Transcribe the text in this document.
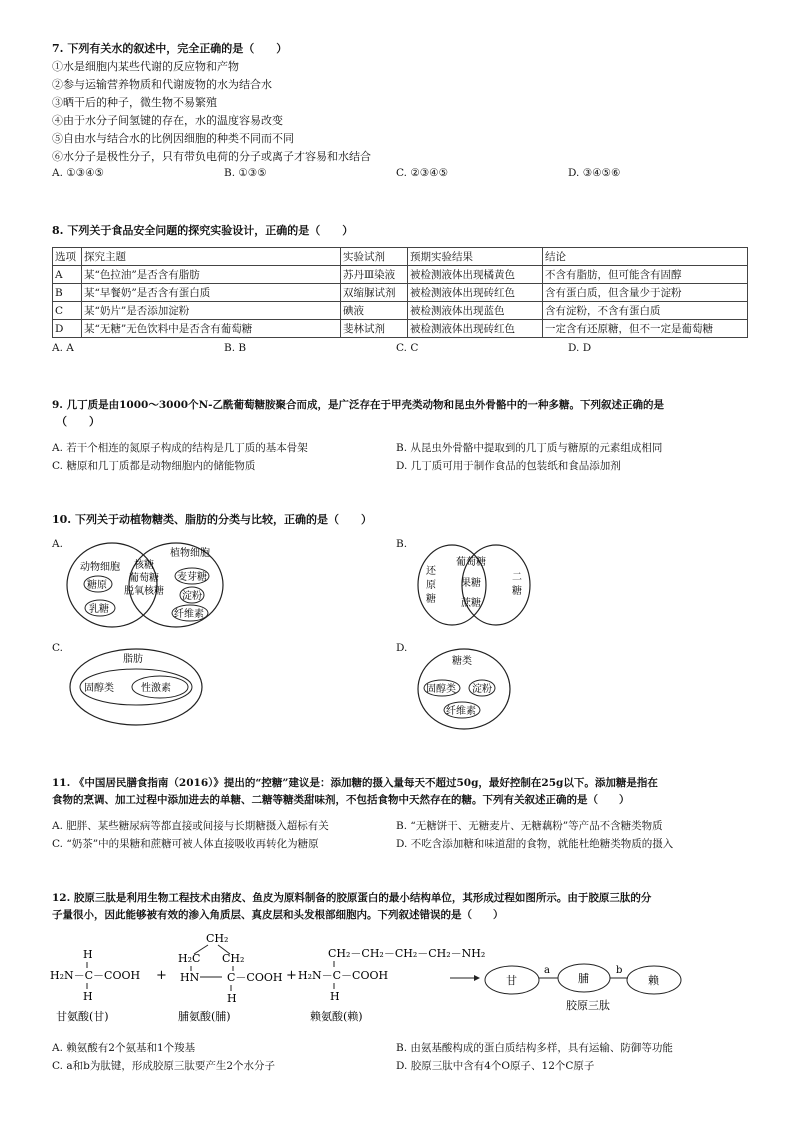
7. 下列有关水的叙述中，完全正确的是（　　）
①水是细胞内某些代谢的反应物和产物
②参与运输营养物质和代谢废物的水为结合水
③晒干后的种子，微生物不易繁殖
④由于水分子间氢键的存在，水的温度容易改变
⑤自由水与结合水的比例因细胞的种类不同而不同
⑥水分子是极性分子，只有带负电荷的分子或离子才容易和水结合
A. ①③④⑤	B. ①③⑤	C. ②③④⑤	D. ③④⑤⑥
8. 下列关于食品安全问题的探究实验设计，正确的是（　　）
选项	探究主题	实验试剂	预期实验结果	结论
A	某“色拉油”是否含有脂肪	苏丹Ⅲ染液	被检测液体出现橘黄色	不含有脂肪，但可能含有固醇
B	某“早餐奶”是否含有蛋白质	双缩脲试剂	被检测液体出现砖红色	含有蛋白质，但含量少于淀粉
C	某“奶片”是否添加淀粉	碘液	被检测液体出现蓝色	含有淀粉，不含有蛋白质
D	某“无糖”无色饮料中是否含有葡萄糖	斐林试剂	被检测液体出现砖红色	一定含有还原糖，但不一定是葡萄糖
A. A	B. B	C. C	D. D
9. 几丁质是由1000～3000个N-乙酰葡萄糖胺聚合而成，是广泛存在于甲壳类动物和昆虫外骨骼中的一种多糖。下列叙述正确的是
（　　）
A. 若干个相连的氮原子构成的结构是几丁质的基本骨架	B. 从昆虫外骨骼中提取到的几丁质与糖原的元素组成相同
C. 糖原和几丁质都是动物细胞内的储能物质	D. 几丁质可用于制作食品的包装纸和食品添加剂
10. 下列关于动植物糖类、脂肪的分类与比较，正确的是（　　）
A.	B.
C.	D.
动物细胞
植物细胞
核糖
葡萄糖
脱氧核糖
糖原
乳糖
麦芽糖
淀粉
纤维素
还
原
糖
二
糖
葡萄糖
果糖
蔗糖
脂肪
固醇类	性激素
糖类
固醇类 淀粉
纤维素
11. 《中国居民膳食指南（2016）》提出的“控糖”建议是：添加糖的摄入量每天不超过50g，最好控制在25g以下。添加糖是指在
食物的烹调、加工过程中添加进去的单糖、二糖等糖类甜味剂，不包括食物中天然存在的糖。下列有关叙述正确的是（　　）
A. 肥胖、某些糖尿病等都直接或间接与长期糖摄入超标有关	B. “无糖饼干、无糖麦片、无糖藕粉”等产品不含糖类物质
C. “奶茶”中的果糖和蔗糖可被人体直接吸收再转化为糖原	D. 不吃含添加糖和味道甜的食物，就能杜绝糖类物质的摄入
12. 胶原三肽是利用生物工程技术由猪皮、鱼皮为原料制备的胶原蛋白的最小结构单位，其形成过程如图所示。由于胶原三肽的分
子量很小，因此能够被有效的渗入角质层、真皮层和头发根部细胞内。下列叙述错误的是（　　）
H
H₂N－C－COOH
H
甘氨酸(甘)
+
CH₂
H₂C CH₂
HN	C－COOH
H
脯氨酸(脯)
+
CH₂－CH₂－CH₂－CH₂－NH₂
H₂N－C－COOH
H
赖氨酸(赖)
甘
a
脯
b
赖
胶原三肽
A. 赖氨酸有2个氨基和1个羧基	B. 由氨基酸构成的蛋白质结构多样，具有运输、防御等功能
C. a和b为肽键，形成胶原三肽要产生2个水分子	D. 胶原三肽中含有4个O原子、12个C原子
